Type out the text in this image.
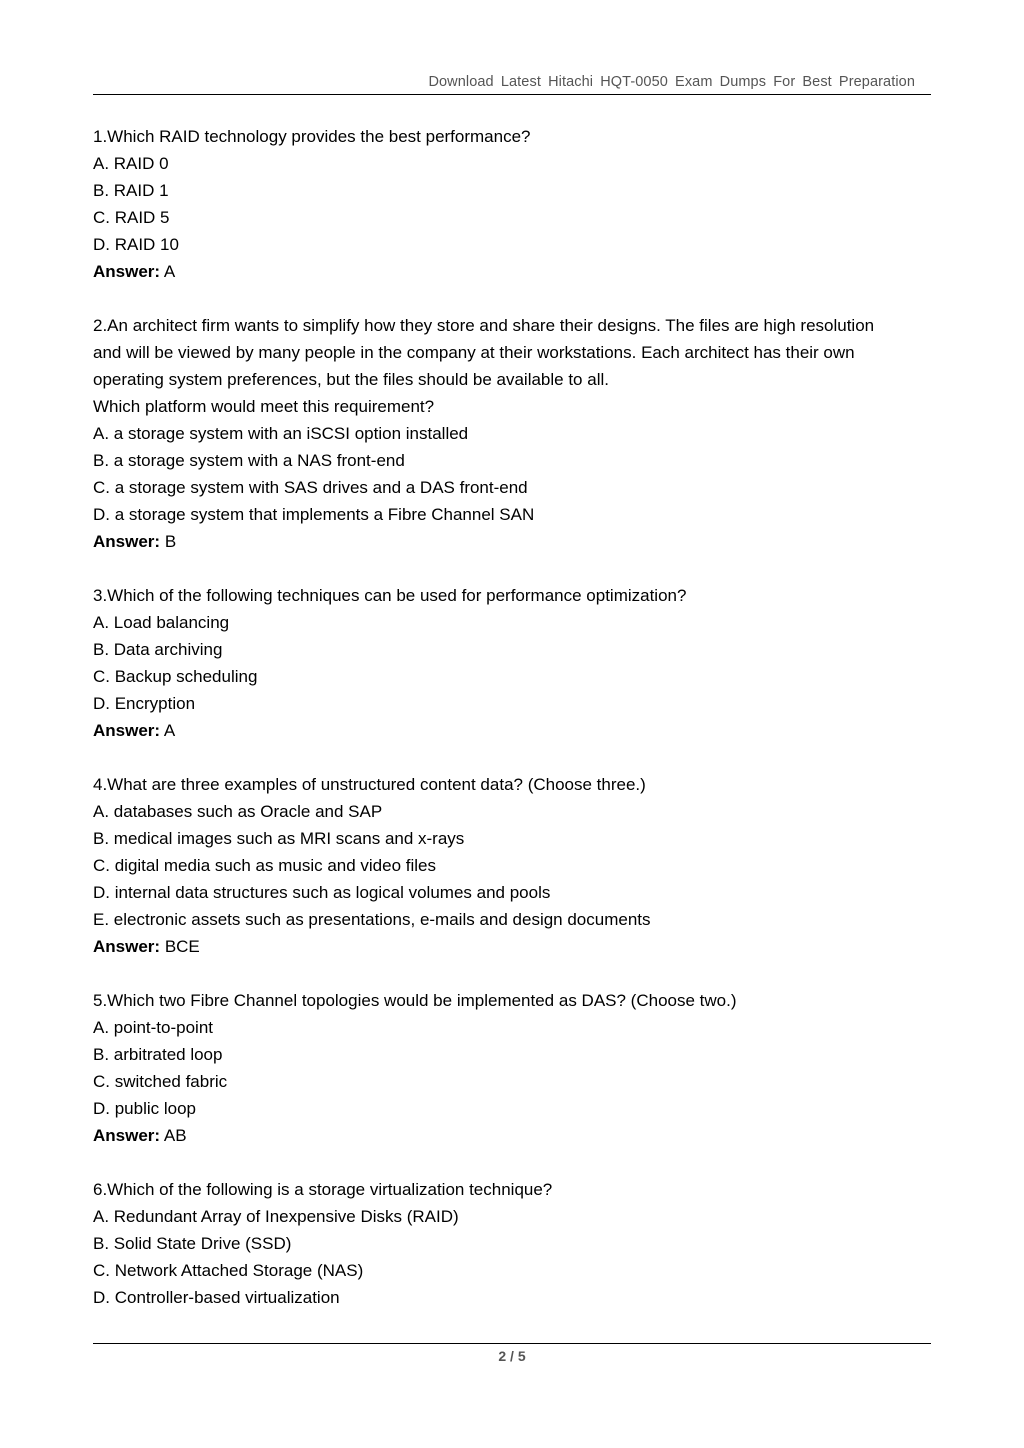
Download Latest Hitachi HQT-0050 Exam Dumps For Best Preparation
1.Which RAID technology provides the best performance?
A. RAID 0
B. RAID 1
C. RAID 5
D. RAID 10
Answer: A
2.An architect firm wants to simplify how they store and share their designs. The files are high resolution
and will be viewed by many people in the company at their workstations. Each architect has their own
operating system preferences, but the files should be available to all.
Which platform would meet this requirement?
A. a storage system with an iSCSI option installed
B. a storage system with a NAS front-end
C. a storage system with SAS drives and a DAS front-end
D. a storage system that implements a Fibre Channel SAN
Answer: B
3.Which of the following techniques can be used for performance optimization?
A. Load balancing
B. Data archiving
C. Backup scheduling
D. Encryption
Answer: A
4.What are three examples of unstructured content data? (Choose three.)
A. databases such as Oracle and SAP
B. medical images such as MRI scans and x-rays
C. digital media such as music and video files
D. internal data structures such as logical volumes and pools
E. electronic assets such as presentations, e-mails and design documents
Answer: BCE
5.Which two Fibre Channel topologies would be implemented as DAS? (Choose two.)
A. point-to-point
B. arbitrated loop
C. switched fabric
D. public loop
Answer: AB
6.Which of the following is a storage virtualization technique?
A. Redundant Array of Inexpensive Disks (RAID)
B. Solid State Drive (SSD)
C. Network Attached Storage (NAS)
D. Controller-based virtualization
2 / 5
